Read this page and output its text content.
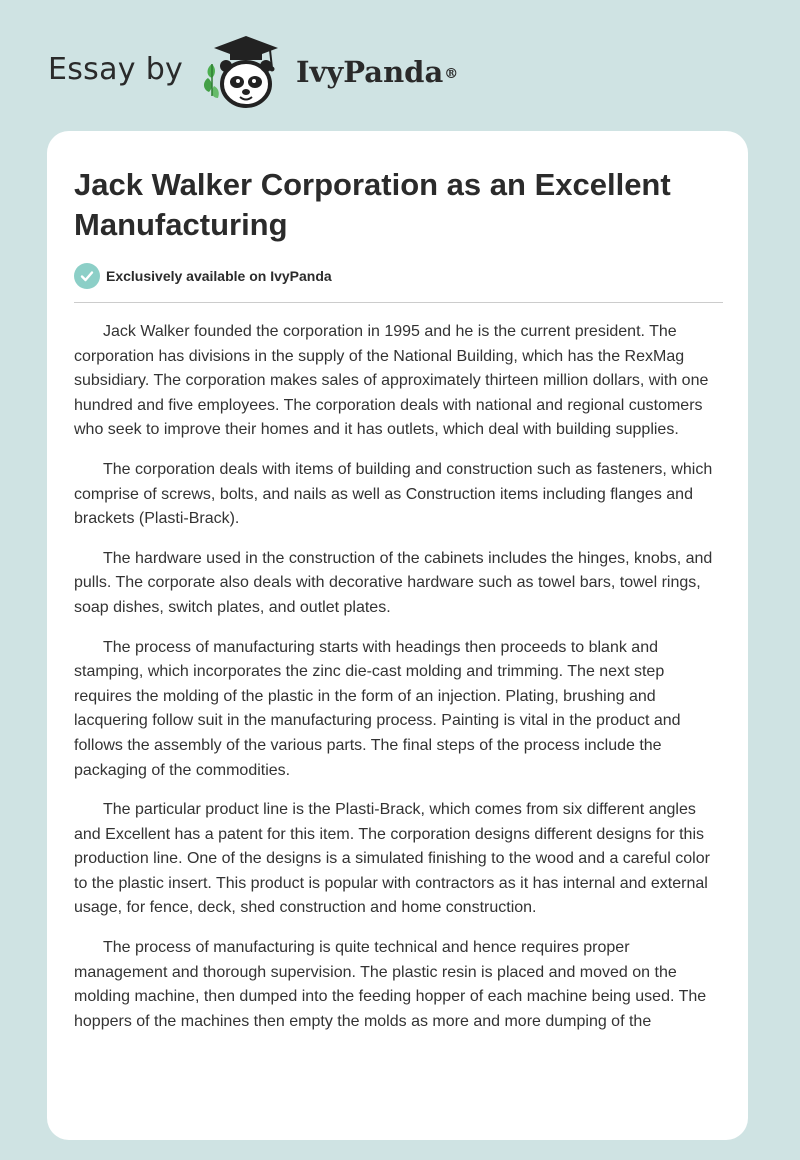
Essay by	IvyPanda®
Jack Walker Corporation as an Excellent Manufacturing
Exclusively available on IvyPanda

Jack Walker founded the corporation in 1995 and he is the current president. The corporation has divisions in the supply of the National Building, which has the RexMag subsidiary. The corporation makes sales of approximately thirteen million dollars, with one hundred and five employees. The corporation deals with national and regional customers who seek to improve their homes and it has outlets, which deal with building supplies.

The corporation deals with items of building and construction such as fasteners, which comprise of screws, bolts, and nails as well as Construction items including flanges and brackets (Plasti-Brack).

The hardware used in the construction of the cabinets includes the hinges, knobs, and pulls. The corporate also deals with decorative hardware such as towel bars, towel rings, soap dishes, switch plates, and outlet plates.

The process of manufacturing starts with headings then proceeds to blank and stamping, which incorporates the zinc die-cast molding and trimming. The next step requires the molding of the plastic in the form of an injection. Plating, brushing and lacquering follow suit in the manufacturing process. Painting is vital in the product and follows the assembly of the various parts. The final steps of the process include the packaging of the commodities.

The particular product line is the Plasti-Brack, which comes from six different angles and Excellent has a patent for this item. The corporation designs different designs for this production line. One of the designs is a simulated finishing to the wood and a careful color to the plastic insert. This product is popular with contractors as it has internal and external usage, for fence, deck, shed construction and home construction.

The process of manufacturing is quite technical and hence requires proper management and thorough supervision. The plastic resin is placed and moved on the molding machine, then dumped into the feeding hopper of each machine being used. The hoppers of the machines then empty the molds as more and more dumping of the
